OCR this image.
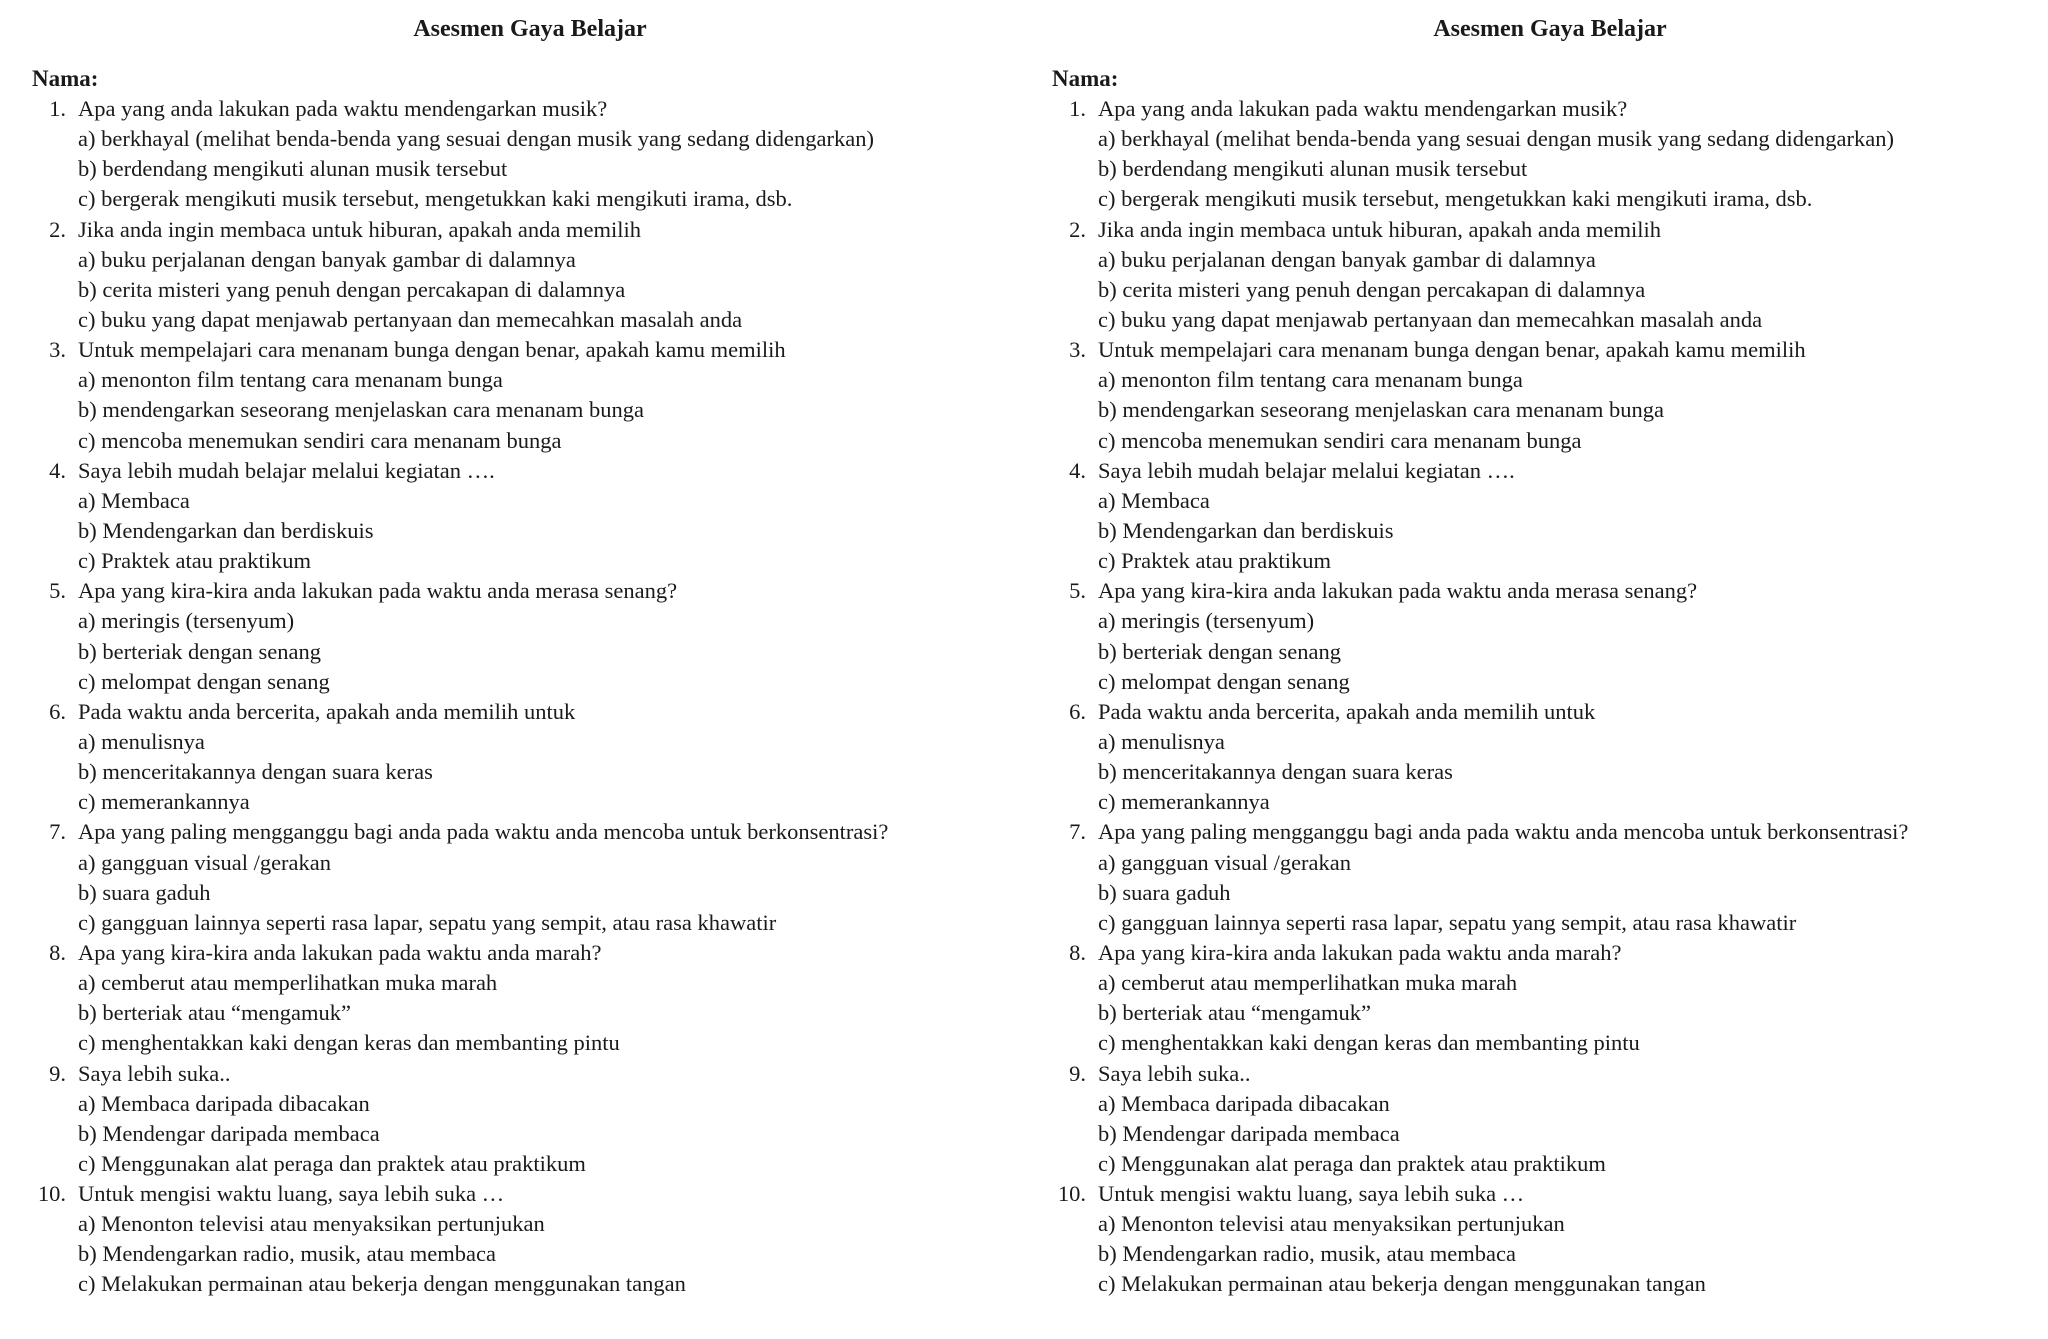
Asesmen Gaya Belajar
Nama:
1. Apa yang anda lakukan pada waktu mendengarkan musik?
a) berkhayal (melihat benda-benda yang sesuai dengan musik yang sedang didengarkan)
b) berdendang mengikuti alunan musik tersebut
c) bergerak mengikuti musik tersebut, mengetukkan kaki mengikuti irama, dsb.
2. Jika anda ingin membaca untuk hiburan, apakah anda memilih
a) buku perjalanan dengan banyak gambar di dalamnya
b) cerita misteri yang penuh dengan percakapan di dalamnya
c) buku yang dapat menjawab pertanyaan dan memecahkan masalah anda
3. Untuk mempelajari cara menanam bunga dengan benar, apakah kamu memilih
a) menonton film tentang cara menanam bunga
b) mendengarkan seseorang menjelaskan cara menanam bunga
c) mencoba menemukan sendiri cara menanam bunga
4. Saya lebih mudah belajar melalui kegiatan ….
a) Membaca
b) Mendengarkan dan berdiskuis
c) Praktek atau praktikum
5. Apa yang kira-kira anda lakukan pada waktu anda merasa senang?
a) meringis (tersenyum)
b) berteriak dengan senang
c) melompat dengan senang
6. Pada waktu anda bercerita, apakah anda memilih untuk
a) menulisnya
b) menceritakannya dengan suara keras
c) memerankannya
7. Apa yang paling mengganggu bagi anda pada waktu anda mencoba untuk berkonsentrasi?
a) gangguan visual /gerakan
b) suara gaduh
c) gangguan lainnya seperti rasa lapar, sepatu yang sempit, atau rasa khawatir
8. Apa yang kira-kira anda lakukan pada waktu anda marah?
a) cemberut atau memperlihatkan muka marah
b) berteriak atau “mengamuk”
c) menghentakkan kaki dengan keras dan membanting pintu
9. Saya lebih suka..
a) Membaca daripada dibacakan
b) Mendengar daripada membaca
c) Menggunakan alat peraga dan praktek atau praktikum
10. Untuk mengisi waktu luang, saya lebih suka …
a) Menonton televisi atau menyaksikan pertunjukan
b) Mendengarkan radio, musik, atau membaca
c) Melakukan permainan atau bekerja dengan menggunakan tangan
Asesmen Gaya Belajar
Nama:
1. Apa yang anda lakukan pada waktu mendengarkan musik?
a) berkhayal (melihat benda-benda yang sesuai dengan musik yang sedang didengarkan)
b) berdendang mengikuti alunan musik tersebut
c) bergerak mengikuti musik tersebut, mengetukkan kaki mengikuti irama, dsb.
2. Jika anda ingin membaca untuk hiburan, apakah anda memilih
a) buku perjalanan dengan banyak gambar di dalamnya
b) cerita misteri yang penuh dengan percakapan di dalamnya
c) buku yang dapat menjawab pertanyaan dan memecahkan masalah anda
3. Untuk mempelajari cara menanam bunga dengan benar, apakah kamu memilih
a) menonton film tentang cara menanam bunga
b) mendengarkan seseorang menjelaskan cara menanam bunga
c) mencoba menemukan sendiri cara menanam bunga
4. Saya lebih mudah belajar melalui kegiatan ….
a) Membaca
b) Mendengarkan dan berdiskuis
c) Praktek atau praktikum
5. Apa yang kira-kira anda lakukan pada waktu anda merasa senang?
a) meringis (tersenyum)
b) berteriak dengan senang
c) melompat dengan senang
6. Pada waktu anda bercerita, apakah anda memilih untuk
a) menulisnya
b) menceritakannya dengan suara keras
c) memerankannya
7. Apa yang paling mengganggu bagi anda pada waktu anda mencoba untuk berkonsentrasi?
a) gangguan visual /gerakan
b) suara gaduh
c) gangguan lainnya seperti rasa lapar, sepatu yang sempit, atau rasa khawatir
8. Apa yang kira-kira anda lakukan pada waktu anda marah?
a) cemberut atau memperlihatkan muka marah
b) berteriak atau “mengamuk”
c) menghentakkan kaki dengan keras dan membanting pintu
9. Saya lebih suka..
a) Membaca daripada dibacakan
b) Mendengar daripada membaca
c) Menggunakan alat peraga dan praktek atau praktikum
10. Untuk mengisi waktu luang, saya lebih suka …
a) Menonton televisi atau menyaksikan pertunjukan
b) Mendengarkan radio, musik, atau membaca
c) Melakukan permainan atau bekerja dengan menggunakan tangan
